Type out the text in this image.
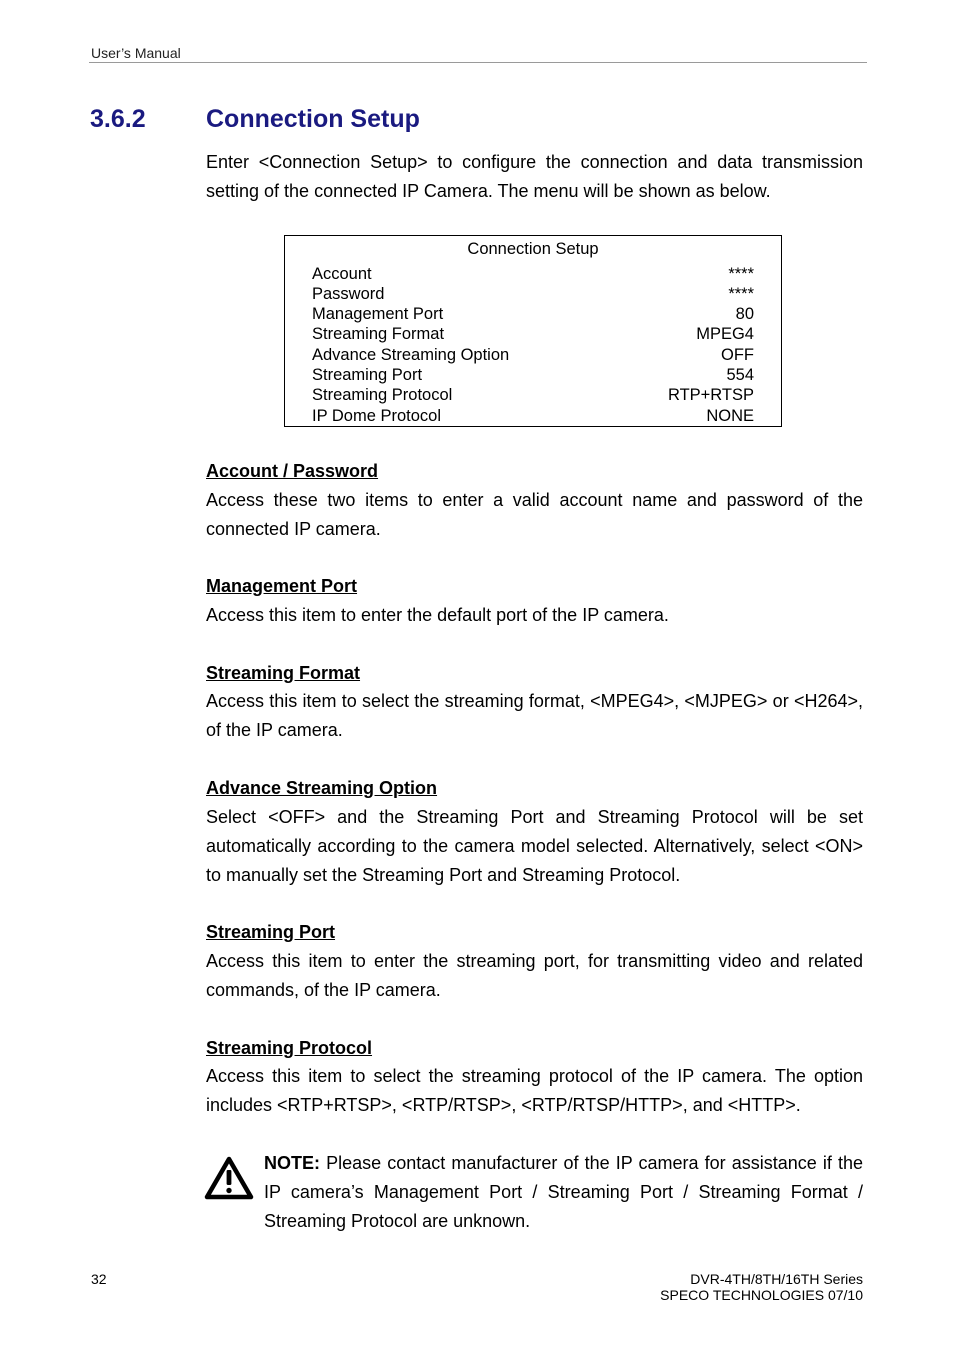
User’s Manual
3.6.2 Connection Setup
Enter <Connection Setup> to configure the connection and data transmission setting of the connected IP Camera. The menu will be shown as below.
Connection Setup
Account	****
Password	****
Management Port	80
Streaming Format	MPEG4
Advance Streaming Option	OFF
Streaming Port	554
Streaming Protocol	RTP+RTSP
IP Dome Protocol	NONE
Account / Password
Access these two items to enter a valid account name and password of the connected IP camera.
Management Port
Access this item to enter the default port of the IP camera.
Streaming Format
Access this item to select the streaming format, <MPEG4>, <MJPEG> or <H264>, of the IP camera.
Advance Streaming Option
Select <OFF> and the Streaming Port and Streaming Protocol will be set automatically according to the camera model selected. Alternatively, select <ON> to manually set the Streaming Port and Streaming Protocol.
Streaming Port
Access this item to enter the streaming port, for transmitting video and related commands, of the IP camera.
Streaming Protocol
Access this item to select the streaming protocol of the IP camera. The option includes <RTP+RTSP>, <RTP/RTSP>, <RTP/RTSP/HTTP>, and <HTTP>.
NOTE: Please contact manufacturer of the IP camera for assistance if the IP camera’s Management Port / Streaming Port / Streaming Format / Streaming Protocol are unknown.
32	DVR-4TH/8TH/16TH Series
SPECO TECHNOLOGIES 07/10
